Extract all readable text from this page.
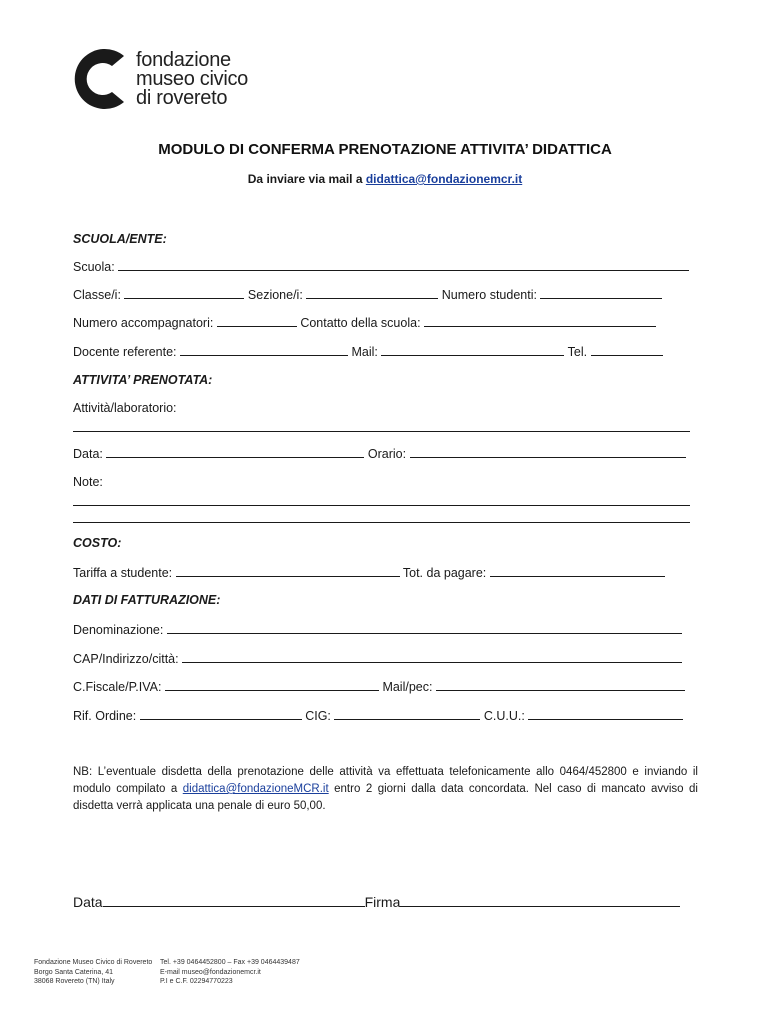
fondazione
museo civico
di rovereto
MODULO DI CONFERMA PRENOTAZIONE ATTIVITA’ DIDATTICA
Da inviare via mail a didattica@fondazionemcr.it
SCUOLA/ENTE:
Scuola:
Classe/i:	Sezione/i:	Numero studenti:
Numero accompagnatori:	Contatto della scuola:
Docente referente:	Mail:	Tel.
ATTIVITA’ PRENOTATA:
Attività/laboratorio:
Data:	Orario:
Note:
COSTO:
Tariffa a studente:	Tot. da pagare:
DATI DI FATTURAZIONE:
Denominazione:
CAP/Indirizzo/città:
C.Fiscale/P.IVA:	Mail/pec:
Rif. Ordine:	CIG:	C.U.U.:
NB: L’eventuale disdetta della prenotazione delle attività va effettuata telefonicamente allo 0464/452800 e inviando il modulo compilato a didattica@fondazioneMCR.it entro 2 giorni dalla data concordata. Nel caso di mancato avviso di disdetta verrà applicata una penale di euro 50,00.
Data	Firma
Fondazione Museo Civico di Rovereto
Borgo Santa Caterina, 41
38068 Rovereto (TN) Italy
Tel. +39 0464452800 – Fax +39 0464439487
E-mail museo@fondazionemcr.it
P.I e C.F. 02294770223
